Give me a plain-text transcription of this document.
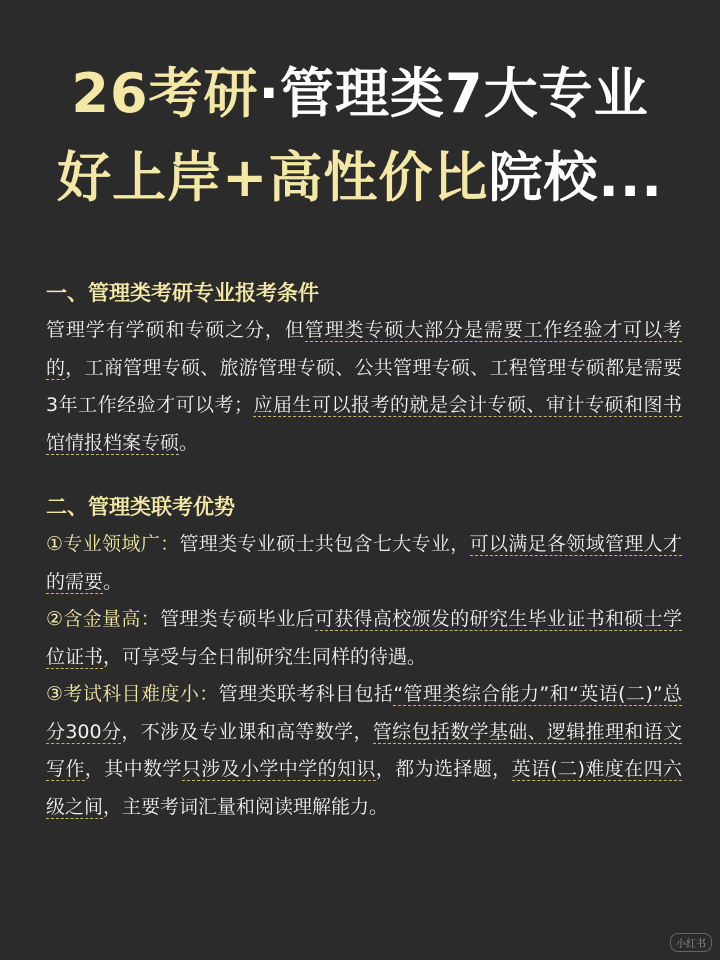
26考研·管理类7大专业
好上岸+高性价比院校...
一、管理类考研专业报考条件

管理学有学硕和专硕之分，但管理类专硕大部分是需要工作经验才可以考的，工商管理专硕、旅游管理专硕、公共管理专硕、工程管理专硕都是需要3年工作经验才可以考；应届生可以报考的就是会计专硕、审计专硕和图书馆情报档案专硕。

二、管理类联考优势

①专业领域广：管理类专业硕士共包含七大专业，可以满足各领域管理人才的需要。

②含金量高：管理类专硕毕业后可获得高校颁发的研究生毕业证书和硕士学位证书，可享受与全日制研究生同样的待遇。

③考试科目难度小：管理类联考科目包括“管理类综合能力”和“英语(二)”总分300分，不涉及专业课和高等数学，管综包括数学基础、逻辑推理和语文写作，其中数学只涉及小学中学的知识，都为选择题，英语(二)难度在四六级之间，主要考词汇量和阅读理解能力。

小红书
